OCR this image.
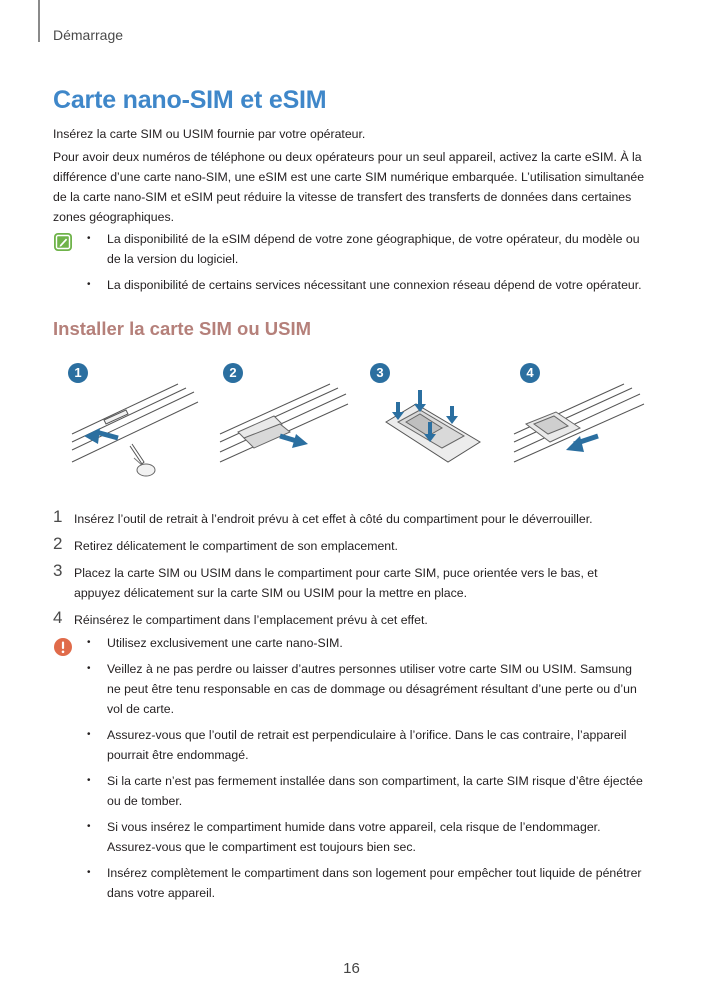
Démarrage
Carte nano-SIM et eSIM

Insérez la carte SIM ou USIM fournie par votre opérateur.

Pour avoir deux numéros de téléphone ou deux opérateurs pour un seul appareil, activez la carte eSIM. À la différence d’une carte nano-SIM, une eSIM est une carte SIM numérique embarquée. L’utilisation simultanée de la carte nano-SIM et eSIM peut réduire la vitesse de transfert des transferts de données dans certaines zones géographiques.

• La disponibilité de la eSIM dépend de votre zone géographique, de votre opérateur, du modèle ou de la version du logiciel.
• La disponibilité de certains services nécessitant une connexion réseau dépend de votre opérateur.
Installer la carte SIM ou USIM
1	2	3	4
1 Insérez l’outil de retrait à l’endroit prévu à cet effet à côté du compartiment pour le déverrouiller.
2 Retirez délicatement le compartiment de son emplacement.
3 Placez la carte SIM ou USIM dans le compartiment pour carte SIM, puce orientée vers le bas, et appuyez délicatement sur la carte SIM ou USIM pour la mettre en place.
4 Réinsérez le compartiment dans l’emplacement prévu à cet effet.
• Utilisez exclusivement une carte nano-SIM.
• Veillez à ne pas perdre ou laisser d’autres personnes utiliser votre carte SIM ou USIM. Samsung ne peut être tenu responsable en cas de dommage ou désagrément résultant d’une perte ou d’un vol de carte.
• Assurez-vous que l’outil de retrait est perpendiculaire à l’orifice. Dans le cas contraire, l’appareil pourrait être endommagé.
• Si la carte n’est pas fermement installée dans son compartiment, la carte SIM risque d’être éjectée ou de tomber.
• Si vous insérez le compartiment humide dans votre appareil, cela risque de l’endommager. Assurez-vous que le compartiment est toujours bien sec.
• Insérez complètement le compartiment dans son logement pour empêcher tout liquide de pénétrer dans votre appareil.
16
